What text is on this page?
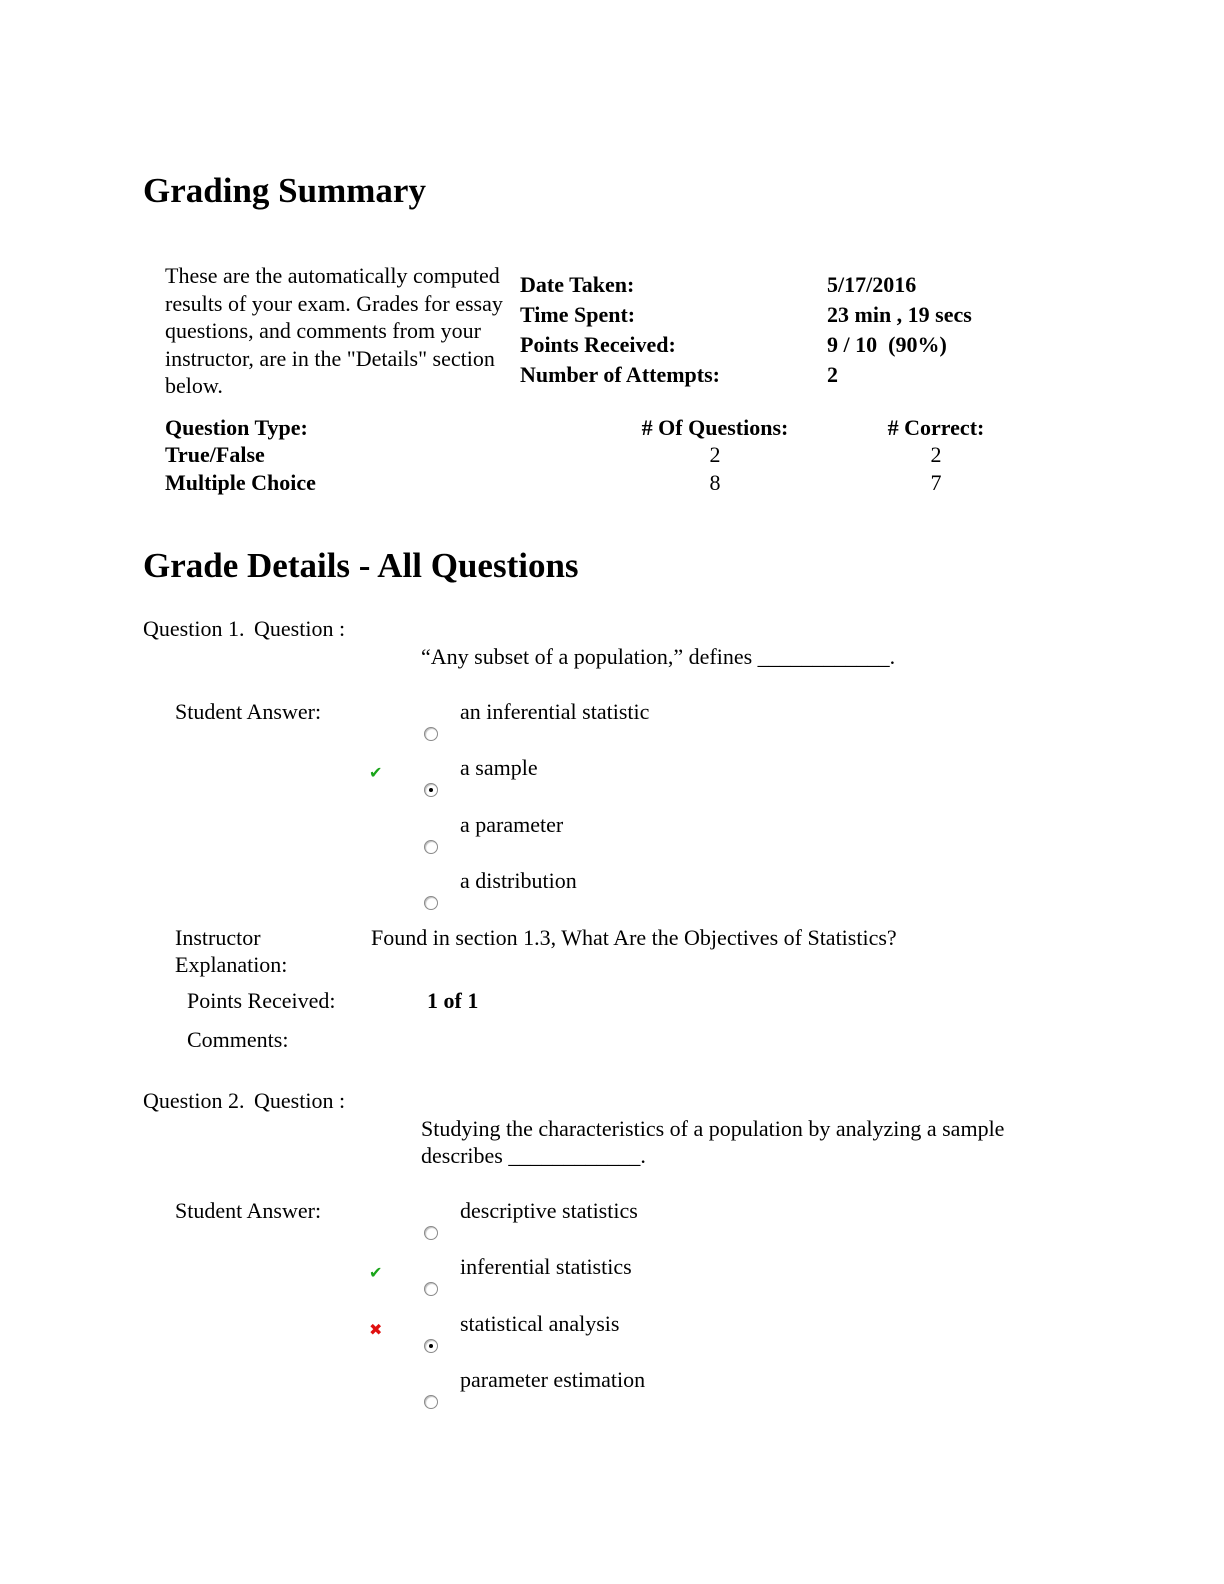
Grading Summary
These are the automatically computed results of your exam. Grades for essay questions, and comments from your instructor, are in the "Details" section below.
Date Taken:	5/17/2016
Time Spent:	23 min , 19 secs
Points Received:	9 / 10  (90%)
Number of Attempts:	2
Question Type:	# Of Questions:	# Correct:
True/False	2	2
Multiple Choice	8	7
Grade Details - All Questions
Question 1. Question :
“Any subset of a population,” defines ____________.
Student Answer:	an inferential statistic
✔	a sample
a parameter
a distribution
Instructor
Explanation:
Found in section 1.3, What Are the Objectives of Statistics?
Points Received:	1 of 1
Comments:
Question 2. Question :
Studying the characteristics of a population by analyzing a sample describes ____________.
Student Answer:	descriptive statistics
✔	inferential statistics
✖	statistical analysis
parameter estimation
